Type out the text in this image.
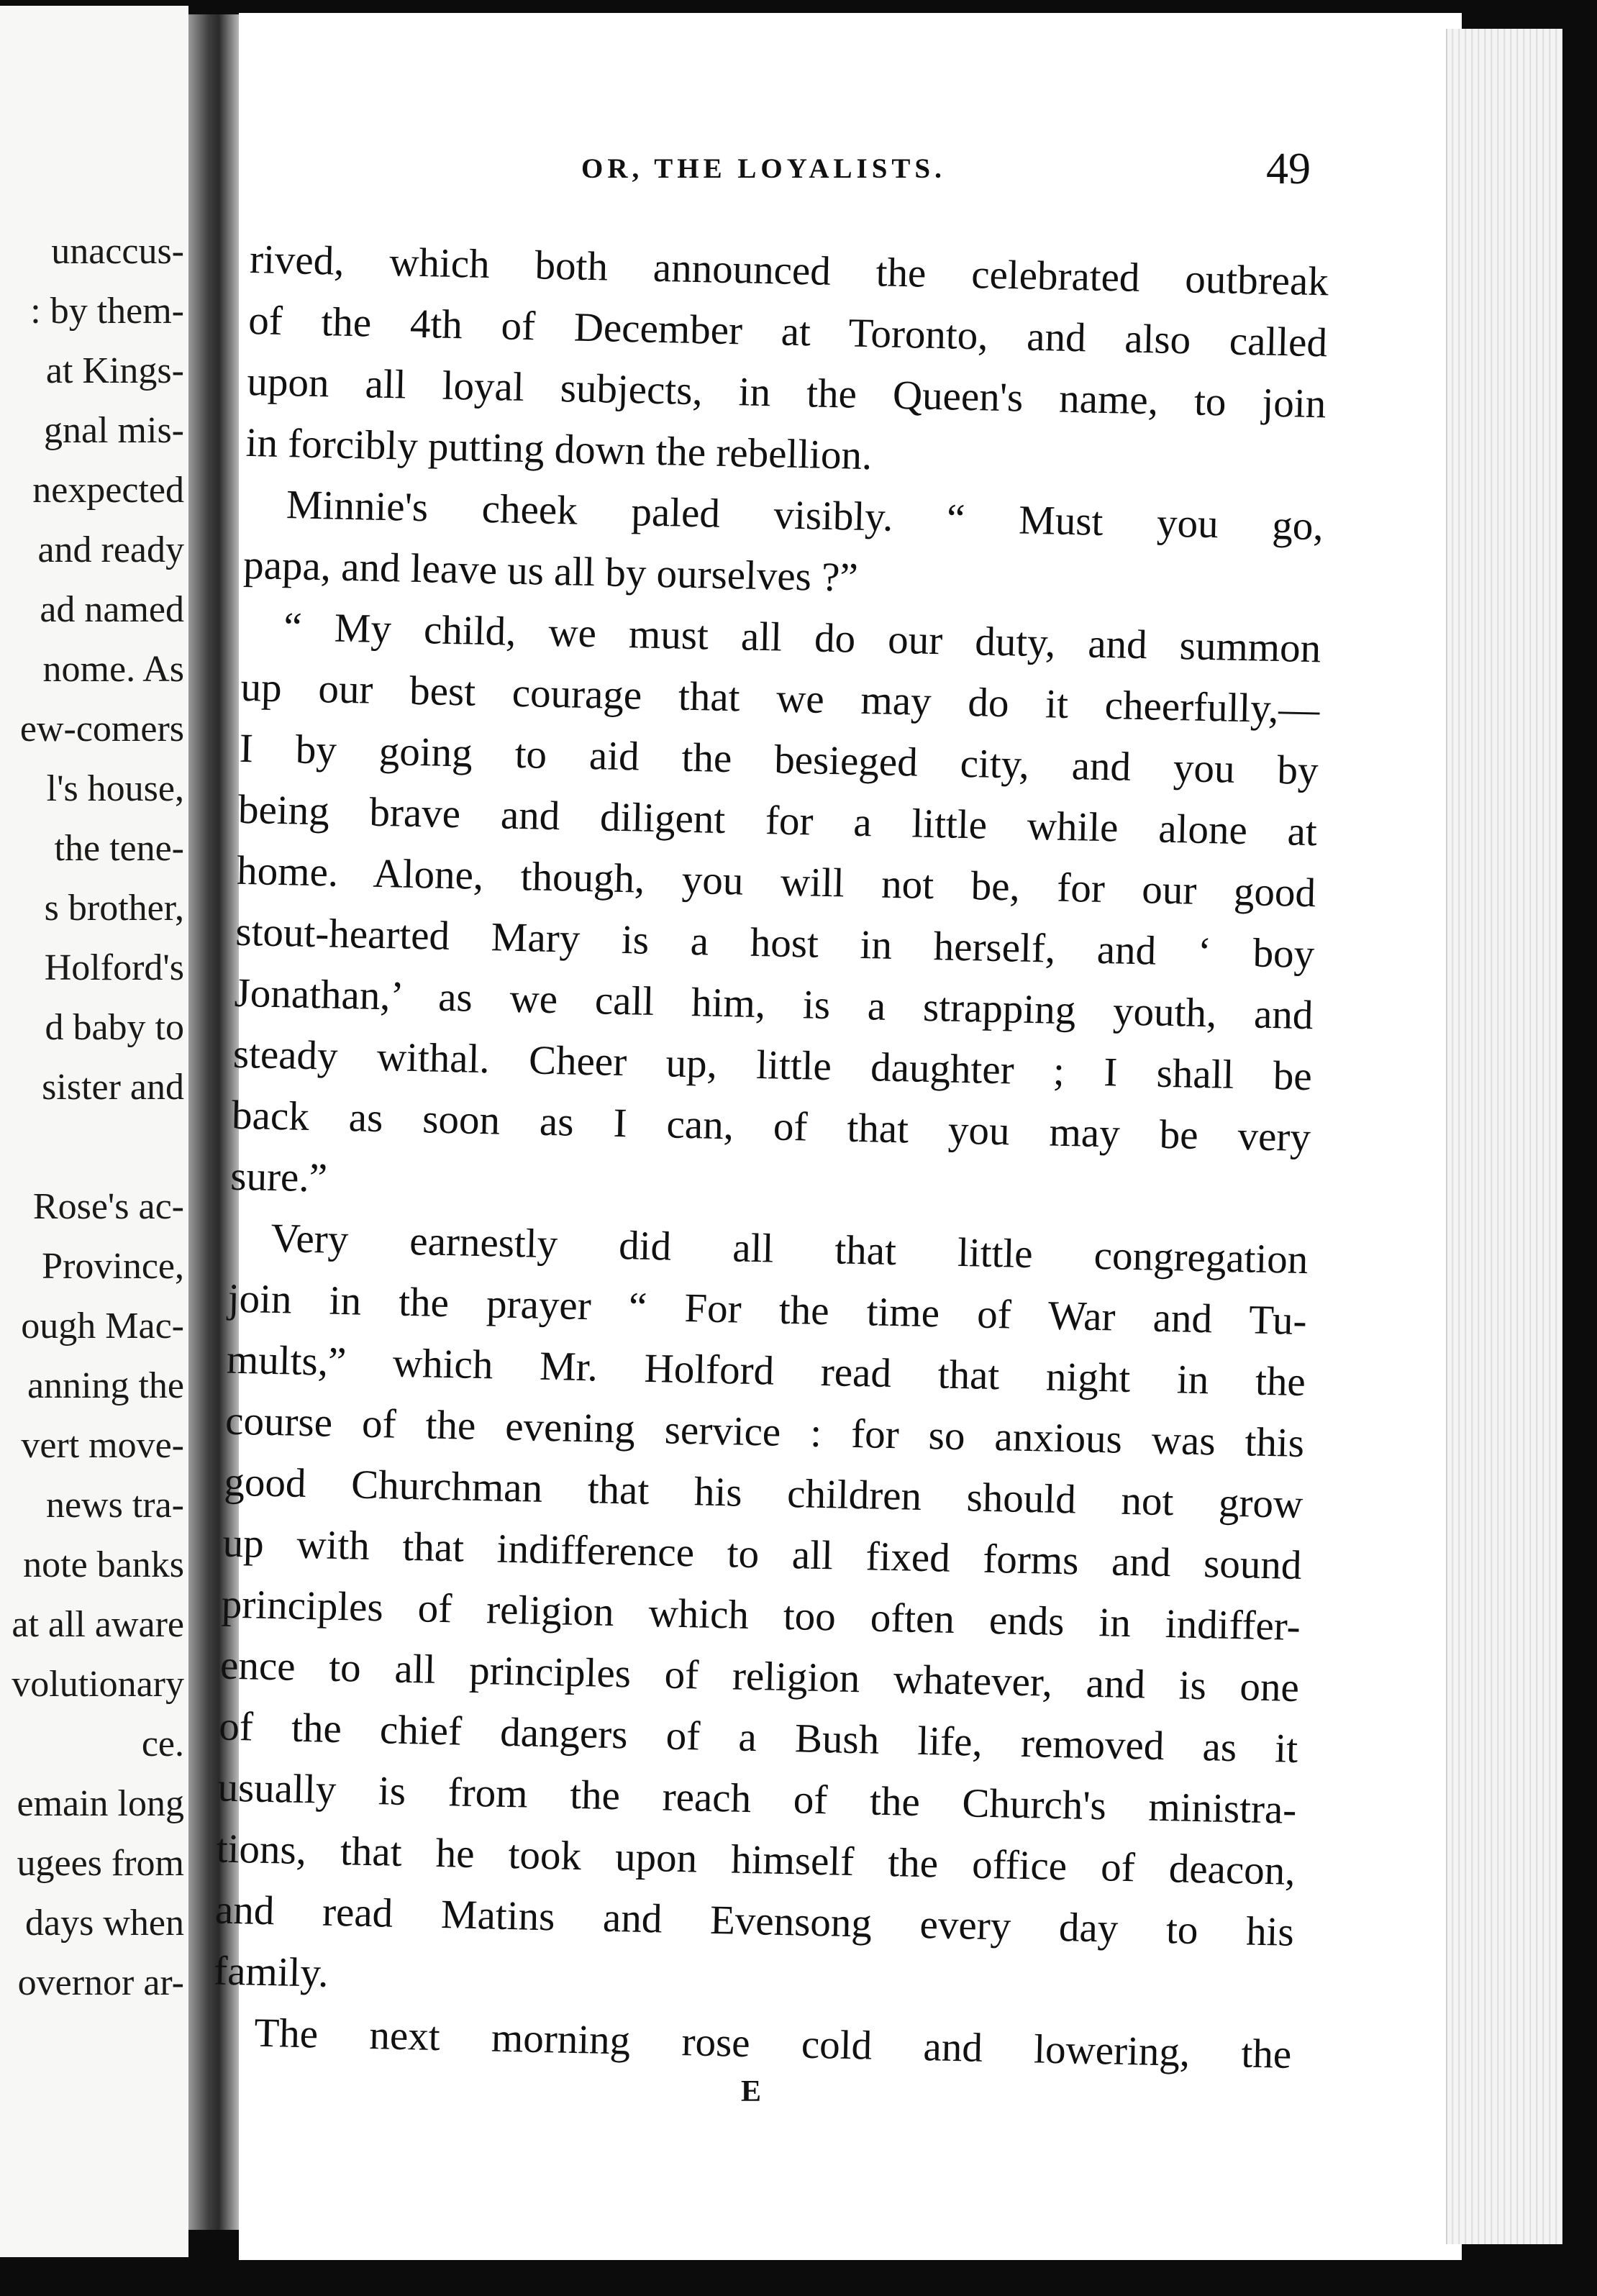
unaccus-
: by them-
at Kings-
gnal mis-
nexpected
and ready
ad named
nome. As
ew-comers
l's house,
the tene-
s brother,
Holford's
d baby to
sister and
Rose's ac-
Province,
ough Mac-
anning the
vert move-
news tra-
note banks
at all aware
volutionary
ce.
emain long
ugees from
days when
overnor ar-
OR, THE LOYALISTS.	49
rived, which both announced the celebrated outbreak
of the 4th of December at Toronto, and also called
upon all loyal subjects, in the Queen's name, to join
in forcibly putting down the rebellion.
Minnie's cheek paled visibly. “ Must you go,
papa, and leave us all by ourselves ?”
“ My child, we must all do our duty, and summon
up our best courage that we may do it cheerfully,—
I by going to aid the besieged city, and you by
being brave and diligent for a little while alone at
home. Alone, though, you will not be, for our good
stout-hearted Mary is a host in herself, and ‘ boy
Jonathan,’ as we call him, is a strapping youth, and
steady withal. Cheer up, little daughter ; I shall be
back as soon as I can, of that you may be very
sure.”
Very earnestly did all that little congregation
join in the prayer “ For the time of War and Tu-
mults,” which Mr. Holford read that night in the
course of the evening service : for so anxious was this
good Churchman that his children should not grow
up with that indifference to all fixed forms and sound
principles of religion which too often ends in indiffer-
ence to all principles of religion whatever, and is one
of the chief dangers of a Bush life, removed as it
usually is from the reach of the Church's ministra-
tions, that he took upon himself the office of deacon,
and read Matins and Evensong every day to his
family.
The next morning rose cold and lowering, the
E
